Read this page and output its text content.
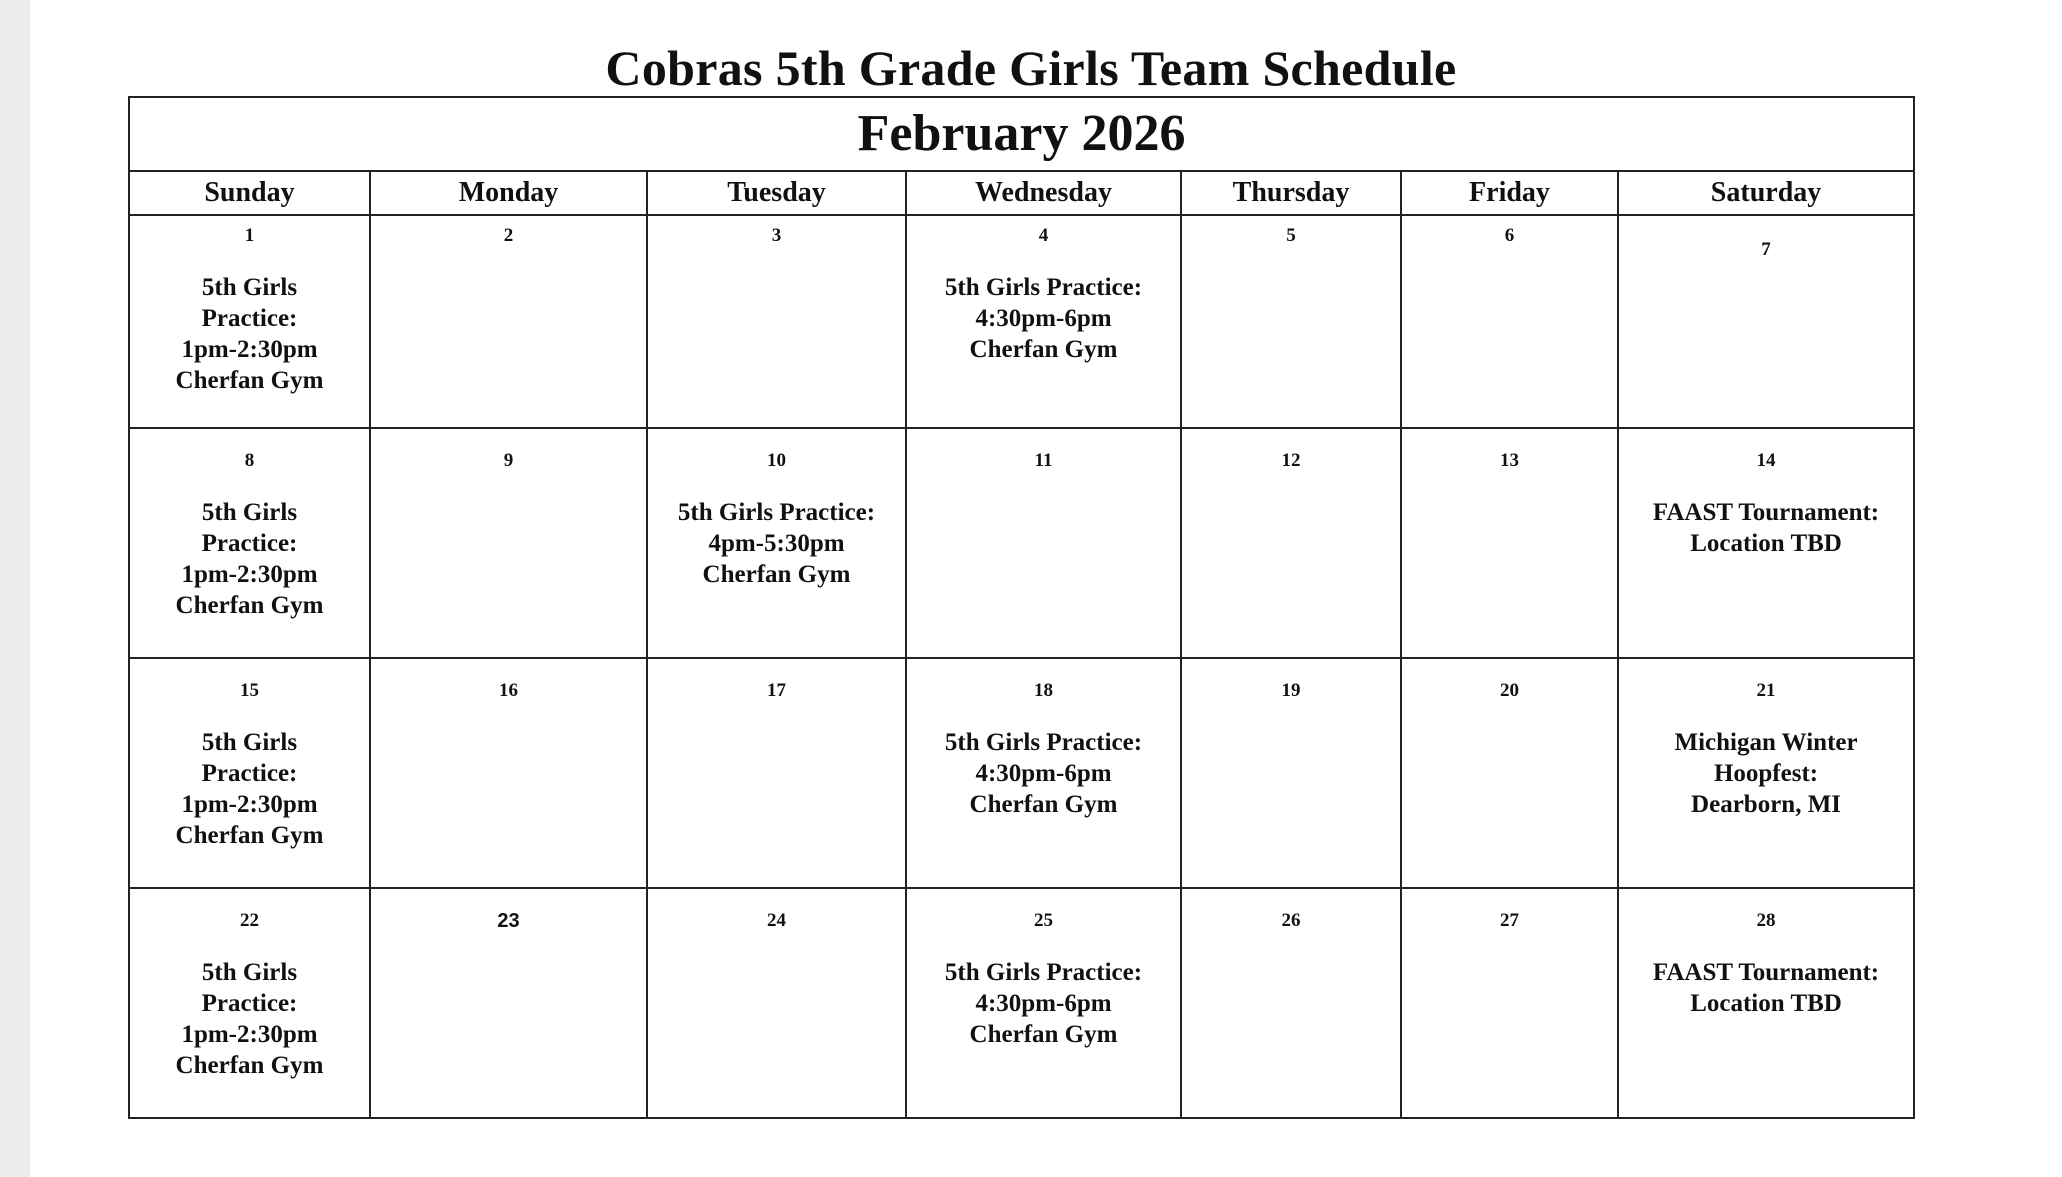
Cobras 5th Grade Girls Team Schedule
February 2026						
Sunday	Monday	Tuesday	Wednesday	Thursday	Friday	Saturday

1
5th Girls
Practice:
1pm-2:30pm
Cherfan Gym	2	3	4
5th Girls Practice:
4:30pm-6pm
Cherfan Gym	5	6	7

8
5th Girls
Practice:
1pm-2:30pm
Cherfan Gym	9	10
5th Girls Practice:
4pm-5:30pm
Cherfan Gym	11	12	13	14
FAAST Tournament:
Location TBD

15
5th Girls
Practice:
1pm-2:30pm
Cherfan Gym	16	17	18
5th Girls Practice:
4:30pm-6pm
Cherfan Gym	19	20	21
Michigan Winter
Hoopfest:
Dearborn, MI

22
5th Girls
Practice:
1pm-2:30pm
Cherfan Gym	23	24	25
5th Girls Practice:
4:30pm-6pm
Cherfan Gym	26	27	28
FAAST Tournament:
Location TBD
